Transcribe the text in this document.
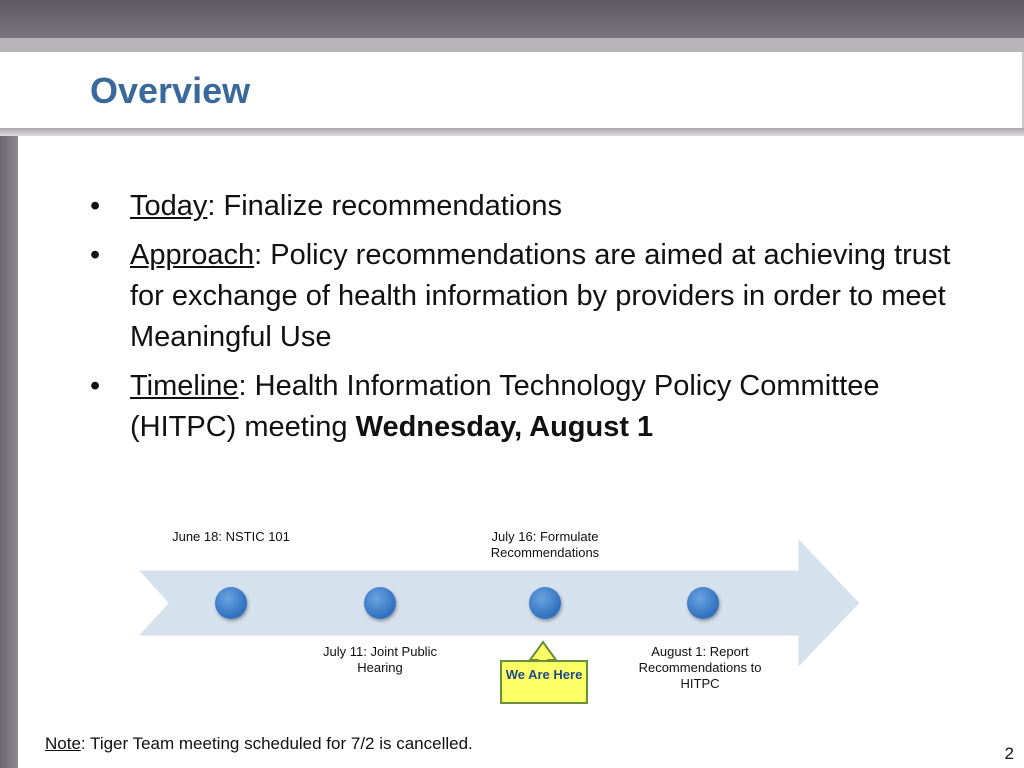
Overview
• Today: Finalize recommendations
• Approach: Policy recommendations are aimed at achieving trust for exchange of health information by providers in order to meet Meaningful Use
• Timeline: Health Information Technology Policy Committee (HITPC) meeting Wednesday, August 1
June 18: NSTIC 101
July 11: Joint Public Hearing
July 16: Formulate Recommendations
August 1: Report Recommendations to HITPC
We Are Here
Note: Tiger Team meeting scheduled for 7/2 is cancelled.
2
